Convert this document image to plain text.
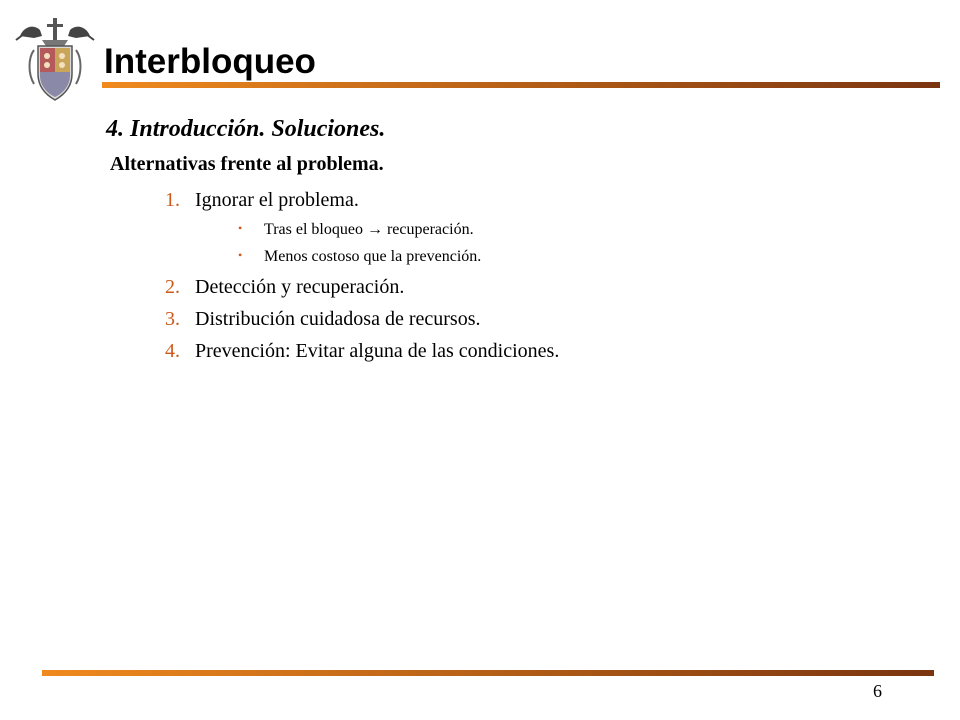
Interbloqueo
4. Introducción. Soluciones.
Alternativas frente al problema.
1. Ignorar el problema.
• Tras el bloqueo → recuperación.
• Menos costoso que la prevención.
2. Detección y recuperación.
3. Distribución cuidadosa de recursos.
4. Prevención: Evitar alguna de las condiciones.
6
